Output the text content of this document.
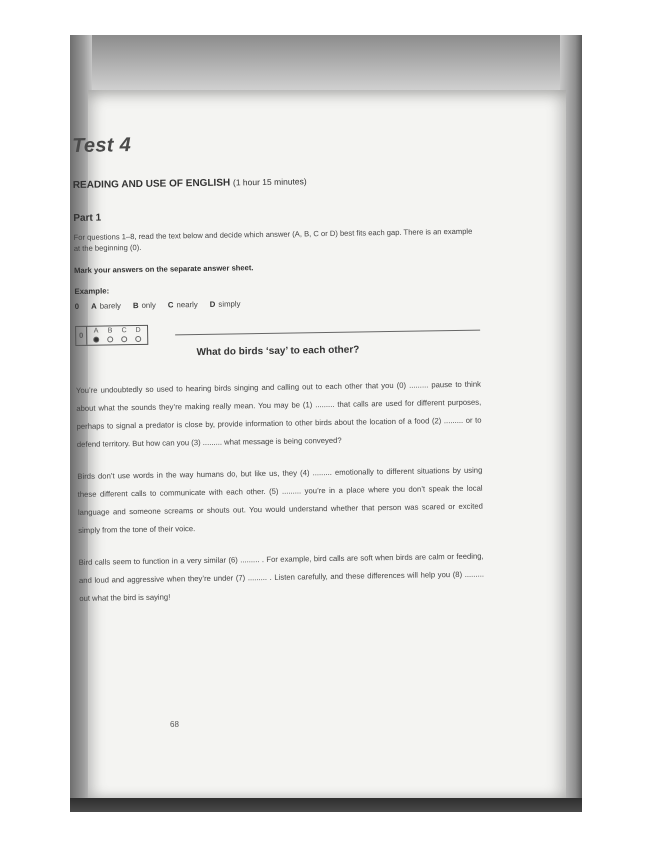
Test 4
READING AND USE OF ENGLISH (1 hour 15 minutes)
Part 1

For questions 1–8, read the text below and decide which answer (A, B, C or D) best fits each gap. There is an example at the beginning (0).

Mark your answers on the separate answer sheet.

Example:
0 A barely B only C nearly D simply
0
A B C D
What do birds ‘say’ to each other?

You’re undoubtedly so used to hearing birds singing and calling out to each other that you (0) ......... pause to think about what the sounds they’re making really mean. You may be (1) ......... that calls are used for different purposes, perhaps to signal a predator is close by, provide information to other birds about the location of a food (2) ......... or to defend territory. But how can you (3) ......... what message is being conveyed?

Birds don’t use words in the way humans do, but like us, they (4) ......... emotionally to different situations by using these different calls to communicate with each other. (5) ......... you’re in a place where you don’t speak the local language and someone screams or shouts out. You would understand whether that person was scared or excited simply from the tone of their voice.

Bird calls seem to function in a very similar (6) ......... . For example, bird calls are soft when birds are calm or feeding, and loud and aggressive when they’re under (7) ......... . Listen carefully, and these differences will help you (8) ......... out what the bird is saying!

68
